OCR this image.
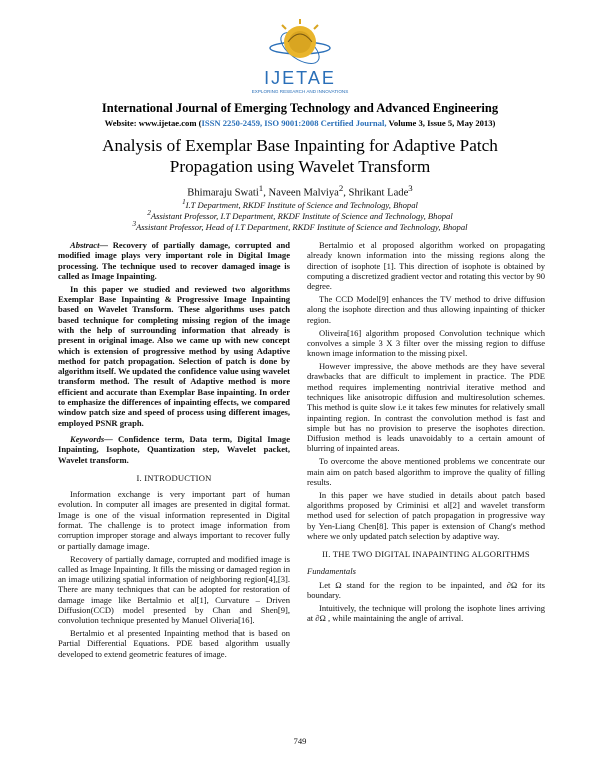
IJETAE
EXPLORING RESEARCH AND INNOVATIONS
International Journal of Emerging Technology and Advanced Engineering
Website: www.ijetae.com (ISSN 2250-2459, ISO 9001:2008 Certified Journal, Volume 3, Issue 5, May 2013)
Analysis of Exemplar Base Inpainting for Adaptive Patch
Propagation using Wavelet Transform
Bhimaraju Swati$^1$, Naveen Malviya$^2$, Shrikant Lade$^3$
$^1$I.T Department, RKDF Institute of Science and Technology, Bhopal
$^2$Assistant Professor, I.T Department, RKDF Institute of Science and Technology, Bhopal
$^3$Assistant Professor, Head of I.T Department, RKDF Institute of Science and Technology, Bhopal

Abstract— Recovery of partially damage, corrupted and modified image plays very important role in Digital Image processing. The technique used to recover damaged image is called as Image Inpainting.

In this paper we studied and reviewed two algorithms Exemplar Base Inpainting & Progressive Image Inpainting based on Wavelet Transform. These algorithms uses patch based technique for completing missing region of the image with the help of surrounding information that already is present in original image. Also we came up with new concept which is extension of progressive method by using Adaptive method for patch propagation. Selection of patch is done by algorithm itself. We updated the confidence value using wavelet transform method. The result of Adaptive method is more efficient and accurate than Exemplar Base inpainting. In order to emphasize the differences of inpainting effects, we compared window patch size and speed of process using different images, employed PSNR graph.

Keywords— Confidence term, Data term, Digital Image Inpainting, Isophote, Quantization step, Wavelet packet, Wavelet transform.

I. INTRODUCTION

Information exchange is very important part of human evolution. In computer all images are presented in digital format. Image is one of the visual information represented in Digital format. The challenge is to protect image information from corruption improper storage and always important to recover fully or partially damage image.

Recovery of partially damage, corrupted and modified image is called as Image Inpainting. It fills the missing or damaged region in an image utilizing spatial information of neighboring region[4],[3]. There are many techniques that can be adopted for restoration of damage image like Bertalmio et al[1], Curvature – Driven Diffusion(CCD) model presented by Chan and Shen[9], convolution technique presented by Manuel Oliveria[16].

Bertalmio et al presented Inpainting method that is based on Partial Differential Equations. PDE based algorithm usually developed to extend geometric features of image.

Bertalmio et al proposed algorithm worked on propagating already known information into the missing regions along the direction of isophote [1]. This direction of isophote is obtained by computing a discretized gradient vector and rotating this vector by 90 degree.

The CCD Model[9] enhances the TV method to drive diffusion along the isophote direction and thus allowing inpainting of thicker region.

Oliveira[16] algorithm proposed Convolution technique which convolves a simple 3 X 3 filter over the missing region to diffuse known image information to the missing pixel.

However impressive, the above methods are they have several drawbacks that are difficult to implement in practice. The PDE method requires implementing nontrivial iterative method and techniques like anisotropic diffusion and multiresolution schemes. This method is quite slow i.e it takes few minutes for relatively small inpainting region. In contrast the convolution method is fast and simple but has no provision to preserve the isophotes direction. Diffusion method is leads unavoidably to a certain amount of blurring of inpainted areas.

To overcome the above mentioned problems we concentrate our main aim on patch based algorithm to improve the quality of filling results.

In this paper we have studied in details about patch based algorithms proposed by Criminisi et al[2] and wavelet transform method used for selection of patch propagation in progressive way by Yen-Liang Chen[8]. This paper is extension of Chang's method where we only updated patch selection by adaptive way.

II. THE TWO DIGITAL INAPAINTING ALGORITHMS
Fundamentals

Let Ω stand for the region to be inpainted, and ∂Ω for its boundary.

Intuitively, the technique will prolong the isophote lines arriving at ∂Ω , while maintaining the angle of arrival.

749
